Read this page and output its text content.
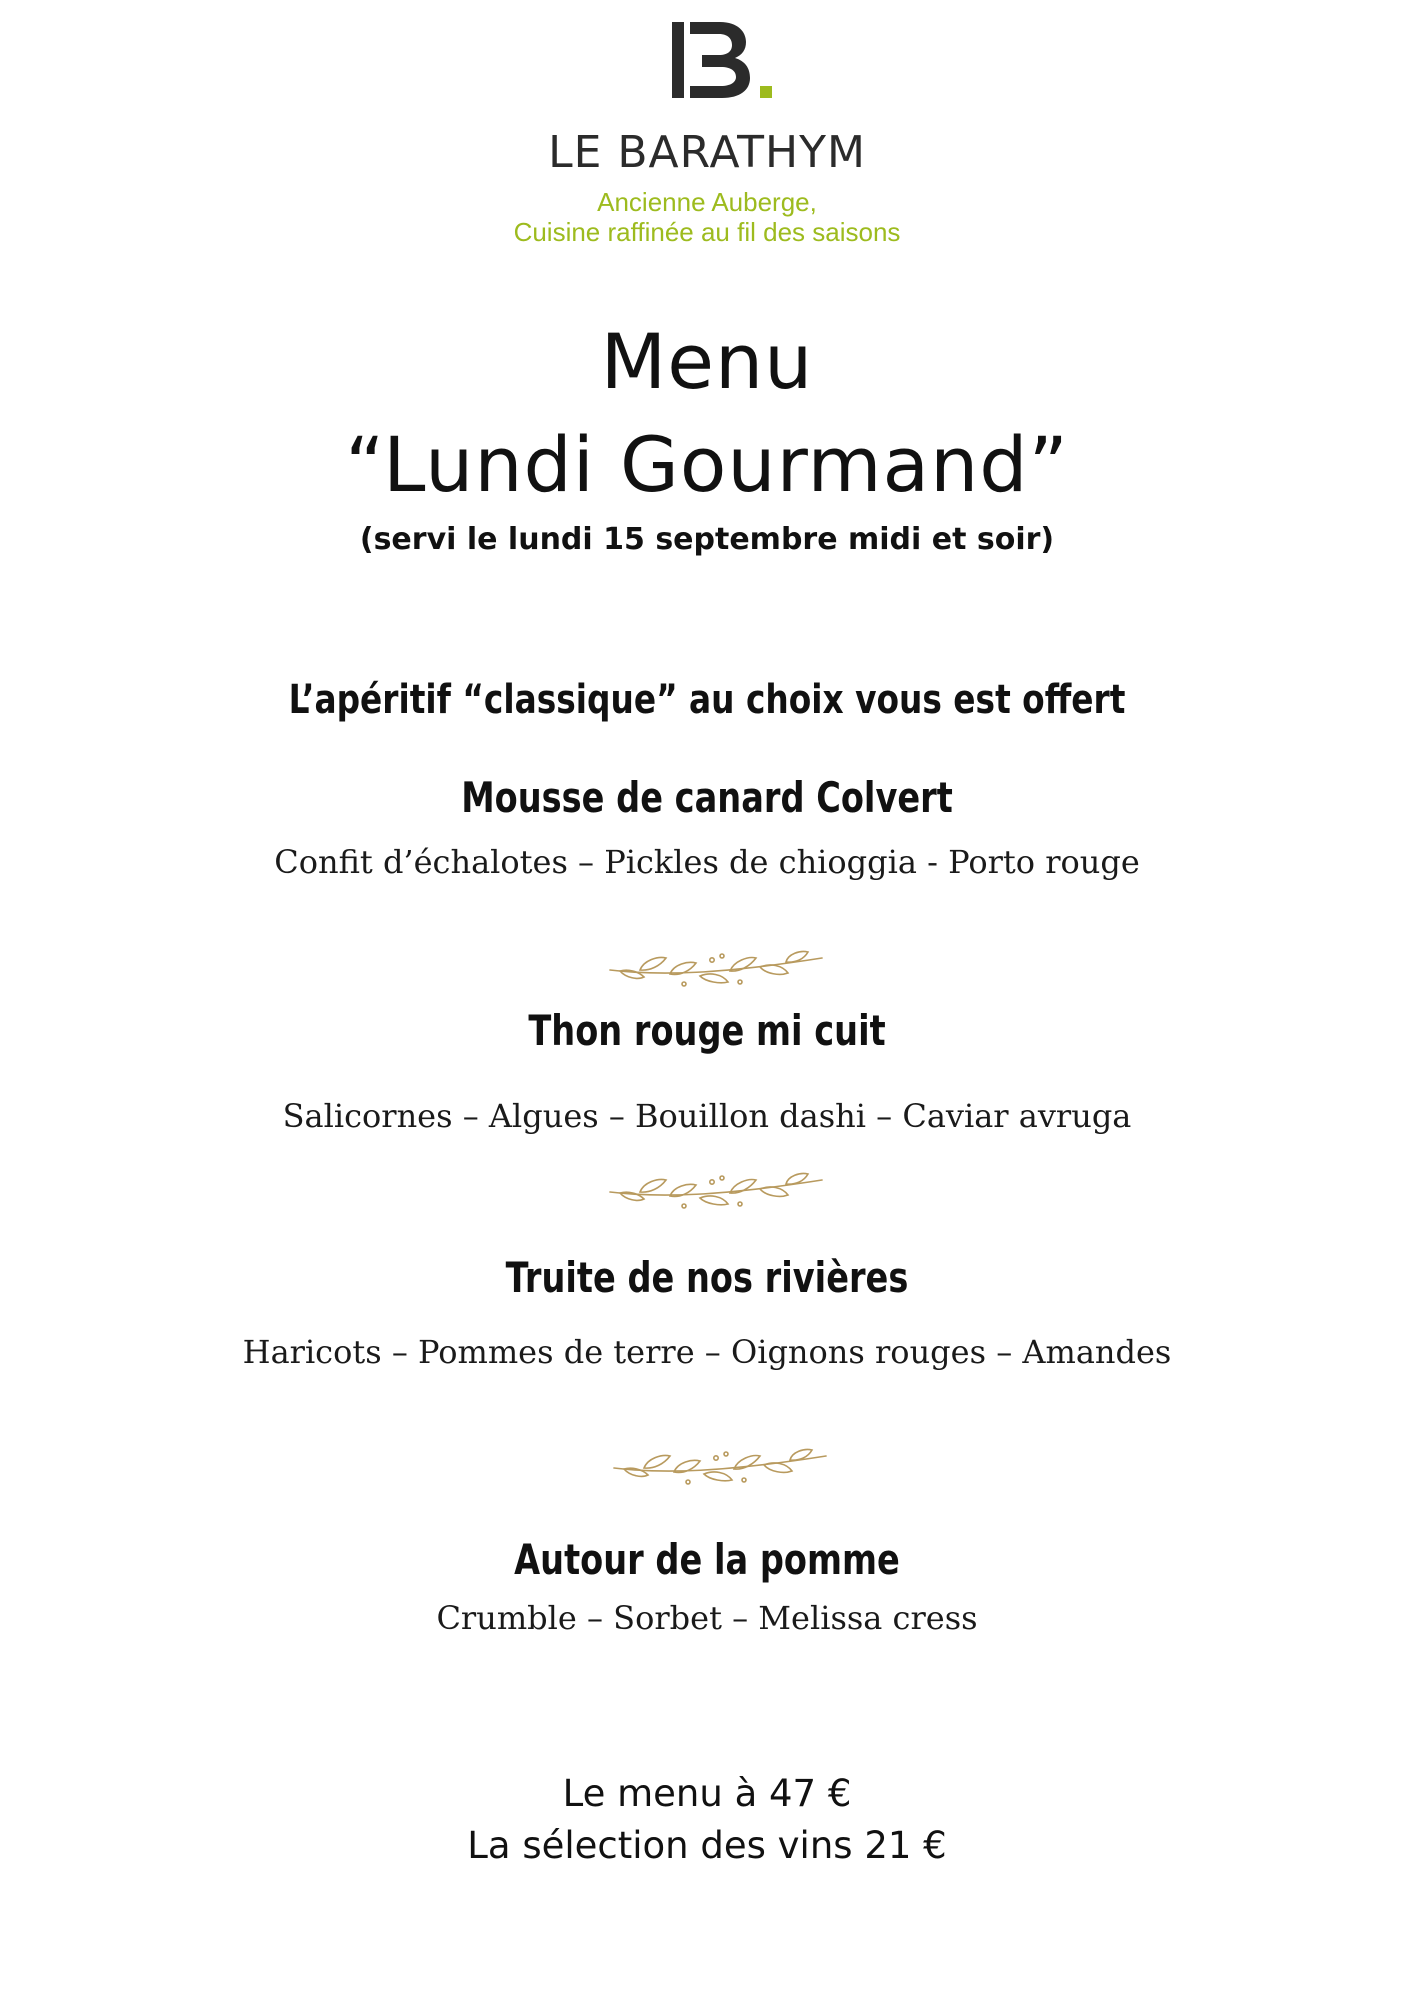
LE BARATHYM
Ancienne Auberge,
Cuisine raffinée au fil des saisons
Menu
“Lundi Gourmand”
(servi le lundi 15 septembre midi et soir)
L’apéritif “classique” au choix vous est offert
Mousse de canard Colvert
Confit d’échalotes – Pickles de chioggia - Porto rouge
Thon rouge mi cuit
Salicornes – Algues – Bouillon dashi – Caviar avruga
Truite de nos rivières
Haricots – Pommes de terre – Oignons rouges – Amandes
Autour de la pomme
Crumble – Sorbet – Melissa cress
Le menu à 47 €
La sélection des vins 21 €
